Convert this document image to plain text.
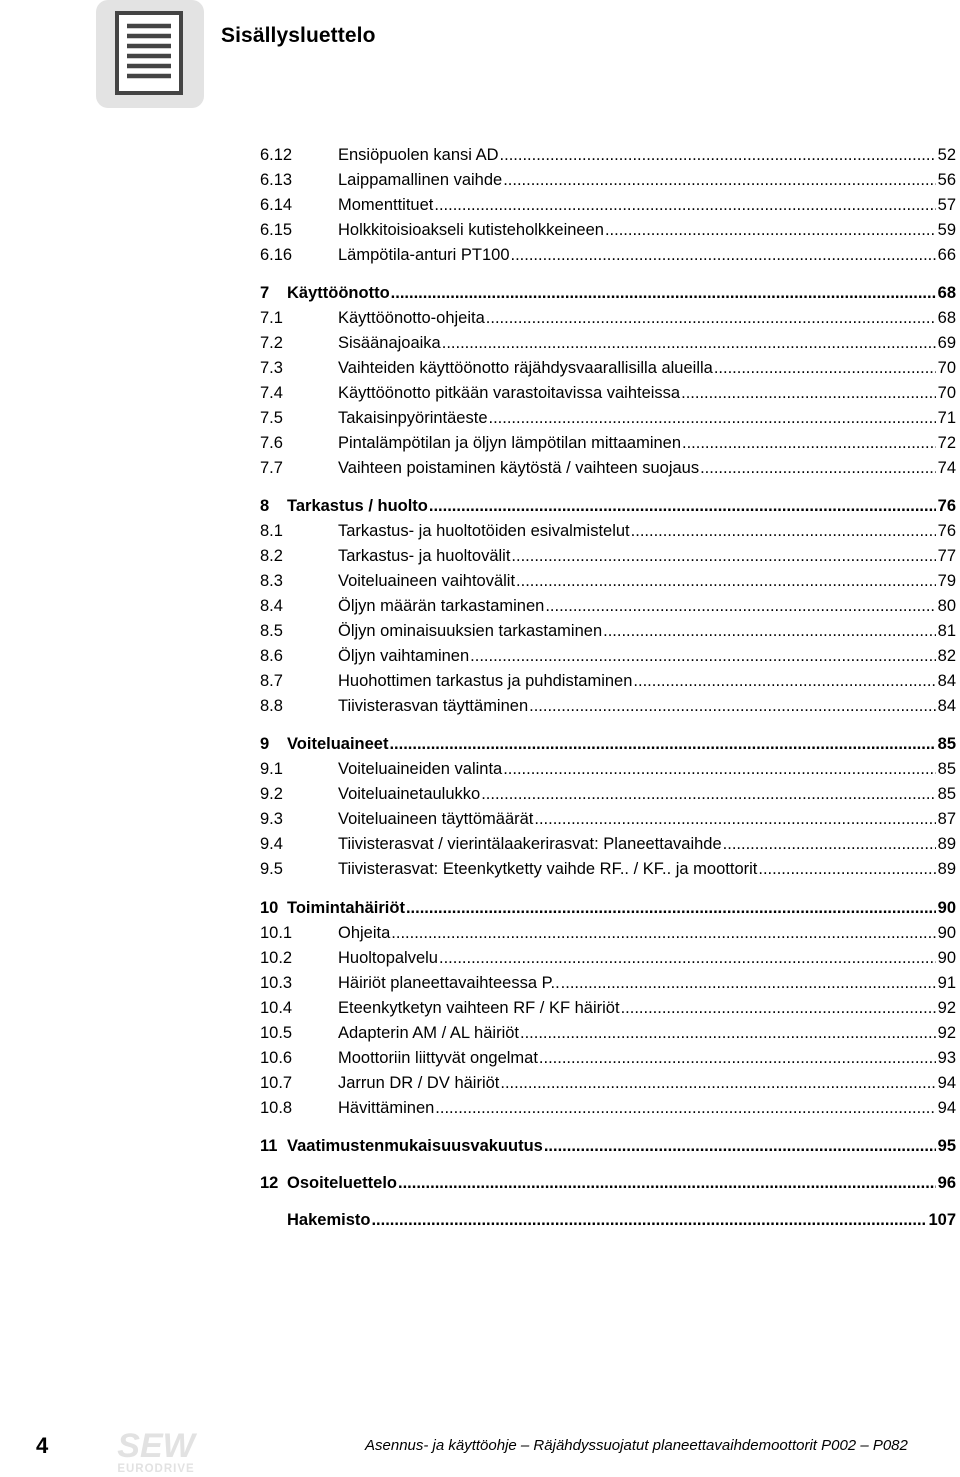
Sisällysluettelo
6.12	Ensiöpuolen kansi AD .....	52
6.13	Laippamallinen vaihde .....	56
6.14	Momenttituet .....	57
6.15	Holkkitoisioakseli kutisteholkkeineen .....	59
6.16	Lämpötila-anturi PT100 .....	66
7 Käyttöönotto .....	68
7.1	Käyttöönotto-ohjeita .....	68
7.2	Sisäänajoaika .....	69
7.3	Vaihteiden käyttöönotto räjähdysvaarallisilla alueilla .....	70
7.4	Käyttöönotto pitkään varastoitavissa vaihteissa .....	70
7.5	Takaisinpyörintäeste .....	71
7.6	Pintalämpötilan ja öljyn lämpötilan mittaaminen .....	72
7.7	Vaihteen poistaminen käytöstä / vaihteen suojaus .....	74
8 Tarkastus / huolto .....	76
8.1	Tarkastus- ja huoltotöiden esivalmistelut .....	76
8.2	Tarkastus- ja huoltovälit .....	77
8.3	Voiteluaineen vaihtovälit .....	79
8.4	Öljyn määrän tarkastaminen .....	80
8.5	Öljyn ominaisuuksien tarkastaminen .....	81
8.6	Öljyn vaihtaminen .....	82
8.7	Huohottimen tarkastus ja puhdistaminen .....	84
8.8	Tiivisterasvan täyttäminen .....	84
9 Voiteluaineet .....	85
9.1	Voiteluaineiden valinta .....	85
9.2	Voiteluainetaulukko .....	85
9.3	Voiteluaineen täyttömäärät .....	87
9.4	Tiivisterasvat / vierintälaakerirasvat: Planeettavaihde .....	89
9.5	Tiivisterasvat: Eteenkytketty vaihde RF.. / KF.. ja moottorit .....	89
10 Toimintahäiriöt .....	90
10.1	Ohjeita .....	90
10.2	Huoltopalvelu .....	90
10.3	Häiriöt planeettavaihteessa P.. .....	91
10.4	Eteenkytketyn vaihteen RF / KF häiriöt .....	92
10.5	Adapterin AM / AL häiriöt .....	92
10.6	Moottoriin liittyvät ongelmat .....	93
10.7	Jarrun DR / DV häiriöt .....	94
10.8	Hävittäminen .....	94
11 Vaatimustenmukaisuusvakuutus .....	95
12 Osoiteluettelo .....	96
Hakemisto .....	107
4 SEW
EURODRIVE
Asennus- ja käyttöohje – Räjähdyssuojatut planeettavaihdemoottorit P002 – P082
